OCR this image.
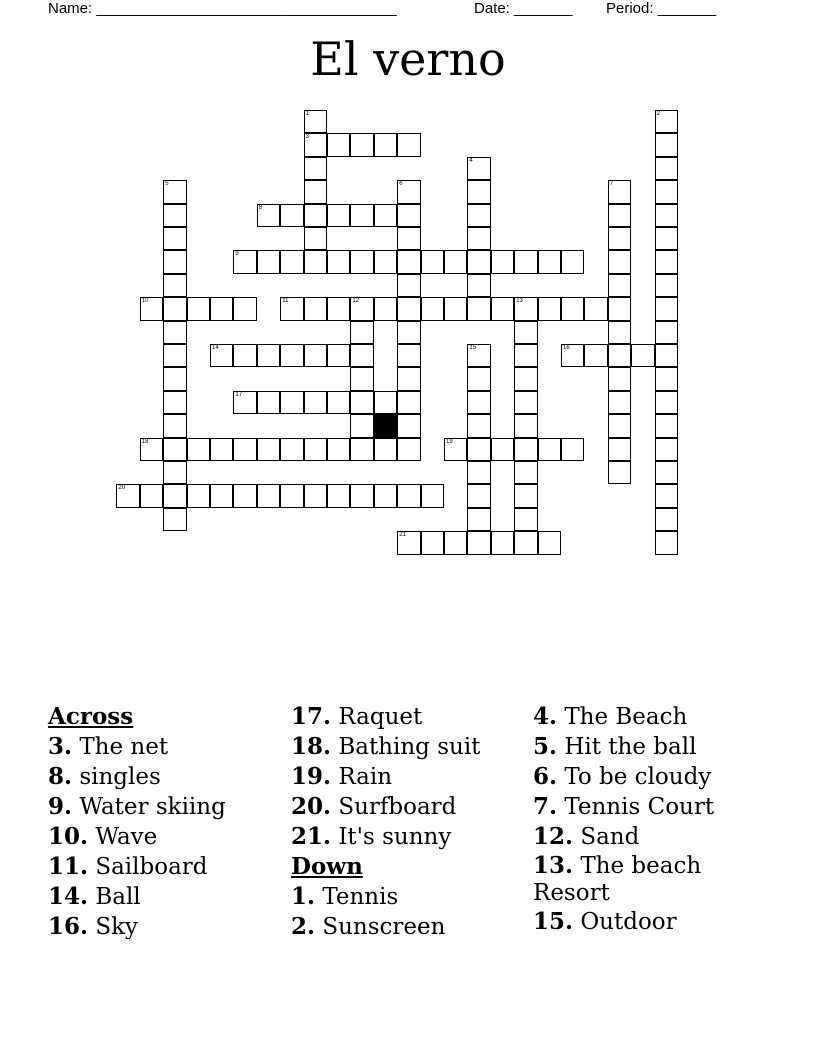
Name: ____________________________________	Date: _______ Period: _______
El verno
1	2
3
4
5	6	7
8
9
10	11	12	13
14	15	16
17
18	19
20
21
Across
3. The net
8. singles
9. Water skiing
10. Wave
11. Sailboard
14. Ball
16. Sky
17. Raquet
18. Bathing suit
19. Rain
20. Surfboard
21. It's sunny
Down
1. Tennis
2. Sunscreen
4. The Beach
5. Hit the ball
6. To be cloudy
7. Tennis Court
12. Sand
13. The beach Resort
15. Outdoor
